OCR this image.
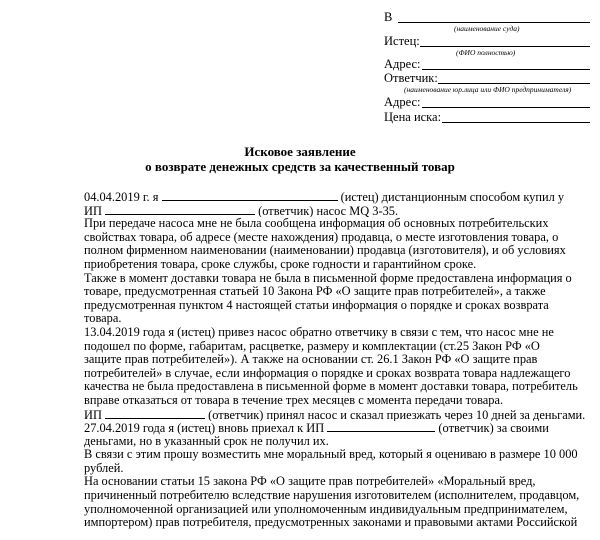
В
(наименование суда)
Истец:
(ФИО полностью)
Адрес:
Ответчик:
(наименование юр.лица или ФИО предпринимателя)
Адрес:
Цена иска:
Исковое заявление
о возврате денежных средств за качественный товар
04.04.2019 г. я	(истец) дистанционным способом купил у
ИП	(ответчик) насос MQ 3-35.
При передаче насоса мне не была сообщена информация об основных потребительских
свойствах товара, об адресе (месте нахождения) продавца, о месте изготовления товара, о
полном фирменном наименовании (наименовании) продавца (изготовителя), и об условиях
приобретения товара, сроке службы, сроке годности и гарантийном сроке.
Также в момент доставки товара не была в письменной форме предоставлена информация о
товаре, предусмотренная статьей 10 Закона РФ «О защите прав потребителей», а также
предусмотренная пунктом 4 настоящей статьи информация о порядке и сроках возврата
товара.
13.04.2019 года я (истец) привез насос обратно ответчику в связи с тем, что насос мне не
подошел по форме, габаритам, расцветке, размеру и комплектации (ст.25 Закон РФ «О
защите прав потребителей»). А также на основании ст. 26.1 Закон РФ «О защите прав
потребителей» в случае, если информация о порядке и сроках возврата товара надлежащего
качества не была предоставлена в письменной форме в момент доставки товара, потребитель
вправе отказаться от товара в течение трех месяцев с момента передачи товара.
ИП	(ответчик) принял насос и сказал приезжать через 10 дней за деньгами.
27.04.2019 года я (истец) вновь приехал к ИП	(ответчик) за своими
деньгами, но в указанный срок не получил их.
В связи с этим прошу возместить мне моральный вред, который я оцениваю в размере 10 000
рублей.
На основании статьи 15 закона РФ «О защите прав потребителей» «Моральный вред,
причиненный потребителю вследствие нарушения изготовителем (исполнителем, продавцом,
уполномоченной организацией или уполномоченным индивидуальным предпринимателем,
импортером) прав потребителя, предусмотренных законами и правовыми актами Российской
